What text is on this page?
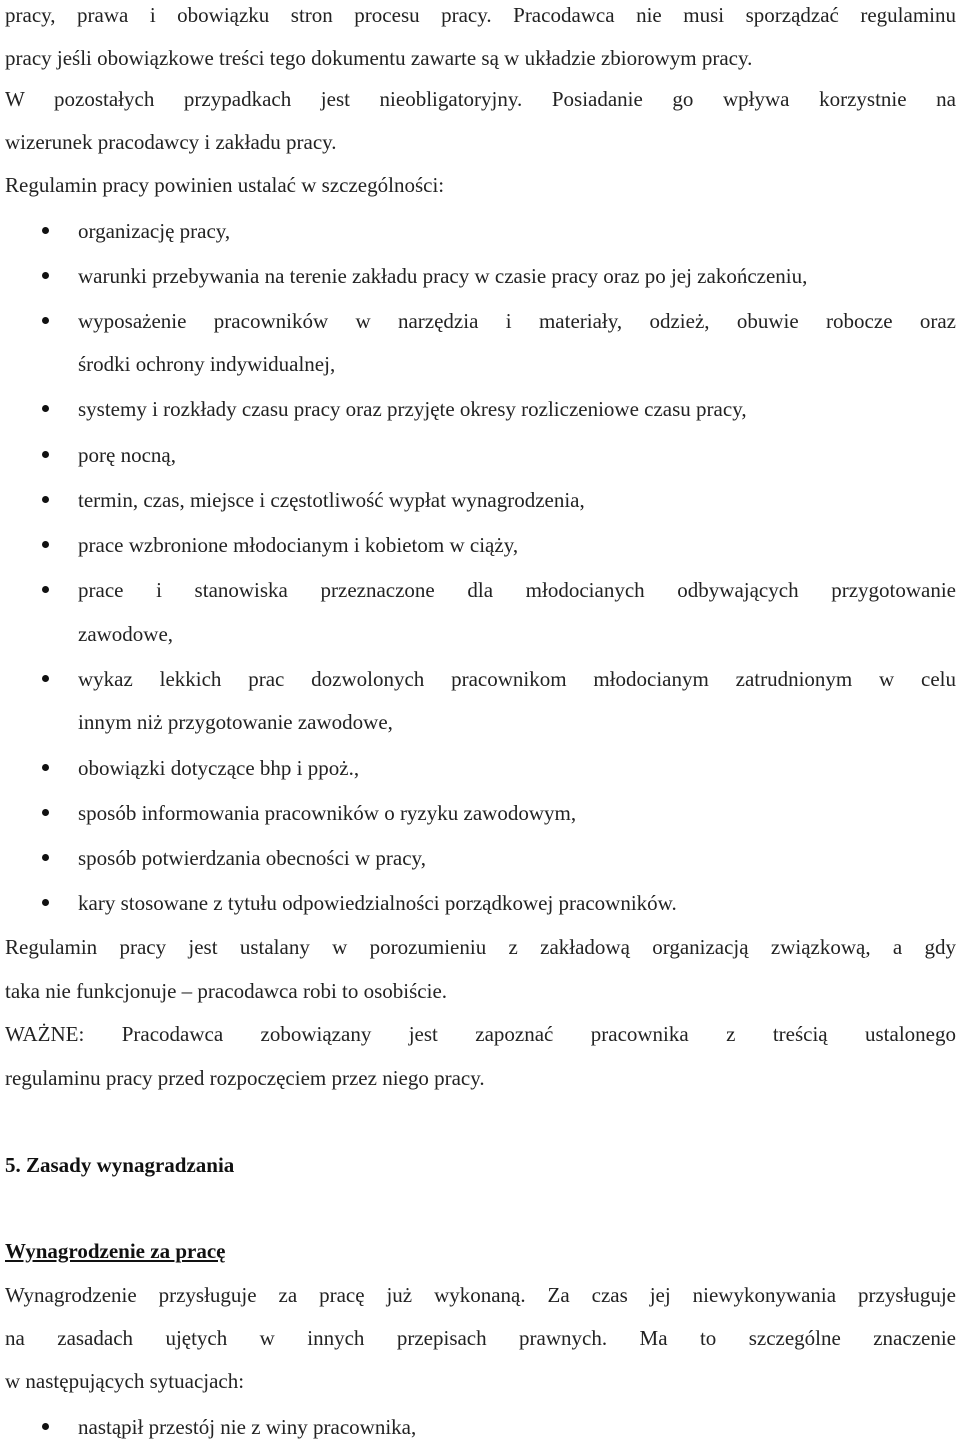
pracy, prawa i obowiązku stron procesu pracy. Pracodawca nie musi sporządzać regulaminu

pracy jeśli obowiązkowe treści tego dokumentu zawarte są w układzie zbiorowym pracy.

W pozostałych przypadkach jest nieobligatoryjny. Posiadanie go wpływa korzystnie na

wizerunek pracodawcy i zakładu pracy.

Regulamin pracy powinien ustalać w szczególności:

organizację pracy,

warunki przebywania na terenie zakładu pracy w czasie pracy oraz po jej zakończeniu,

wyposażenie pracowników w narzędzia i materiały, odzież, obuwie robocze oraz

środki ochrony indywidualnej,

systemy i rozkłady czasu pracy oraz przyjęte okresy rozliczeniowe czasu pracy,

porę nocną,

termin, czas, miejsce i częstotliwość wypłat wynagrodzenia,

prace wzbronione młodocianym i kobietom w ciąży,

prace i stanowiska przeznaczone dla młodocianych odbywających przygotowanie

zawodowe,

wykaz lekkich prac dozwolonych pracownikom młodocianym zatrudnionym w celu

innym niż przygotowanie zawodowe,

obowiązki dotyczące bhp i ppoż.,

sposób informowania pracowników o ryzyku zawodowym,

sposób potwierdzania obecności w pracy,

kary stosowane z tytułu odpowiedzialności porządkowej pracowników.

Regulamin pracy jest ustalany w porozumieniu z zakładową organizacją związkową, a gdy

taka nie funkcjonuje – pracodawca robi to osobiście.

WAŻNE: Pracodawca zobowiązany jest zapoznać pracownika z treścią ustalonego

regulaminu pracy przed rozpoczęciem przez niego pracy.

5. Zasady wynagradzania

Wynagrodzenie za pracę

Wynagrodzenie przysługuje za pracę już wykonaną. Za czas jej niewykonywania przysługuje

na zasadach ujętych w innych przepisach prawnych. Ma to szczególne znaczenie

w następujących sytuacjach:

nastąpił przestój nie z winy pracownika,
